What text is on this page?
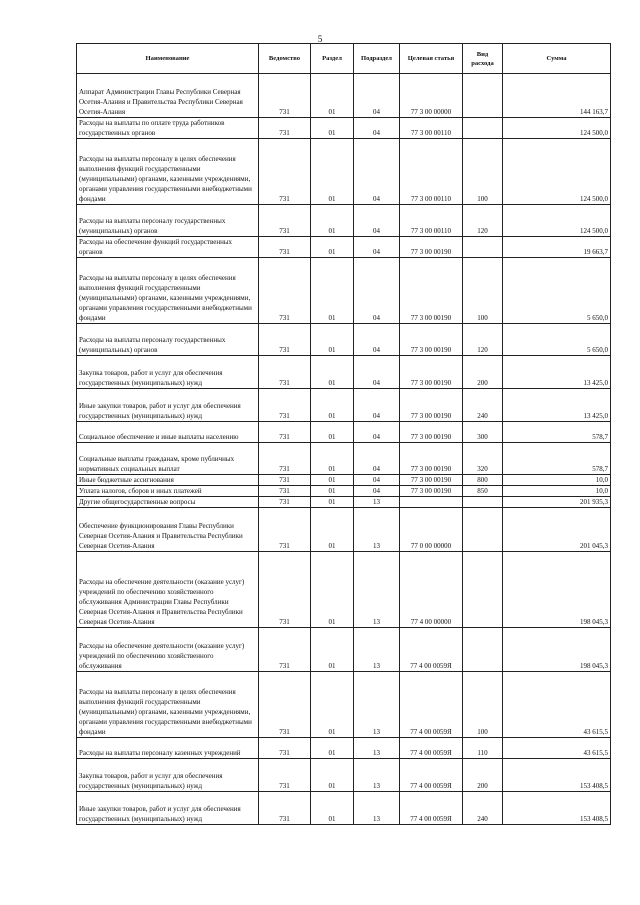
5
Наименование	Ведомство	Раздел	Подраздел	Целевая статья	Вид расхода	Сумма
Аппарат Администрации Главы Республики Северная Осетия-Алания и Правительства Республики Северная Осетия-Алания	731	01	04	77 3 00 00000		144 163,7
Расходы на выплаты по оплате труда работников государственных органов	731	01	04	77 3 00 00110		124 500,0
Расходы на выплаты персоналу в целях обеспечения выполнения функций государственными (муниципальными) органами, казенными учреждениями, органами управления государственными внебюджетными фондами	731	01	04	77 3 00 00110	100	124 500,0
Расходы на выплаты персоналу государственных (муниципальных) органов	731	01	04	77 3 00 00110	120	124 500,0
Расходы на обеспечение функций государственных органов	731	01	04	77 3 00 00190		19 663,7
Расходы на выплаты персоналу в целях обеспечения выполнения функций государственными (муниципальными) органами, казенными учреждениями, органами управления государственными внебюджетными фондами	731	01	04	77 3 00 00190	100	5 650,0
Расходы на выплаты персоналу государственных (муниципальных) органов	731	01	04	77 3 00 00190	120	5 650,0
Закупка товаров, работ и услуг для обеспечения государственных (муниципальных) нужд	731	01	04	77 3 00 00190	200	13 425,0
Иные закупки товаров, работ и услуг для обеспечения государственных (муниципальных) нужд	731	01	04	77 3 00 00190	240	13 425,0
Социальное обеспечение и иные выплаты населению	731	01	04	77 3 00 00190	300	578,7
Социальные выплаты гражданам, кроме публичных нормативных социальных выплат	731	01	04	77 3 00 00190	320	578,7
Иные бюджетные ассигнования	731	01	04	77 3 00 00190	800	10,0
Уплата налогов, сборов и иных платежей	731	01	04	77 3 00 00190	850	10,0
Другие общегосударственные вопросы	731	01	13			201 935,3
Обеспечение функционирования Главы Республики Северная Осетия-Алания и Правительства Республики Северная Осетия-Алания	731	01	13	77 0 00 00000		201 045,3
Расходы на обеспечение деятельности (оказание услуг) учреждений по обеспечению хозяйственного обслуживания Администрации Главы Республики Северная Осетия-Алания и Правительства Республики Северная Осетия-Алания	731	01	13	77 4 00 00000		198 045,3
Расходы на обеспечение деятельности (оказание услуг) учреждений по обеспечению хозяйственного обслуживания	731	01	13	77 4 00 0059Я		198 045,3
Расходы на выплаты персоналу в целях обеспечения выполнения функций государственными (муниципальными) органами, казенными учреждениями, органами управления государственными внебюджетными фондами	731	01	13	77 4 00 0059Я	100	43 615,5
Расходы на выплаты персоналу казенных учреждений	731	01	13	77 4 00 0059Я	110	43 615,5
Закупка товаров, работ и услуг для обеспечения государственных (муниципальных) нужд	731	01	13	77 4 00 0059Я	200	153 408,5
Иные закупки товаров, работ и услуг для обеспечения государственных (муниципальных) нужд	731	01	13	77 4 00 0059Я	240	153 408,5
